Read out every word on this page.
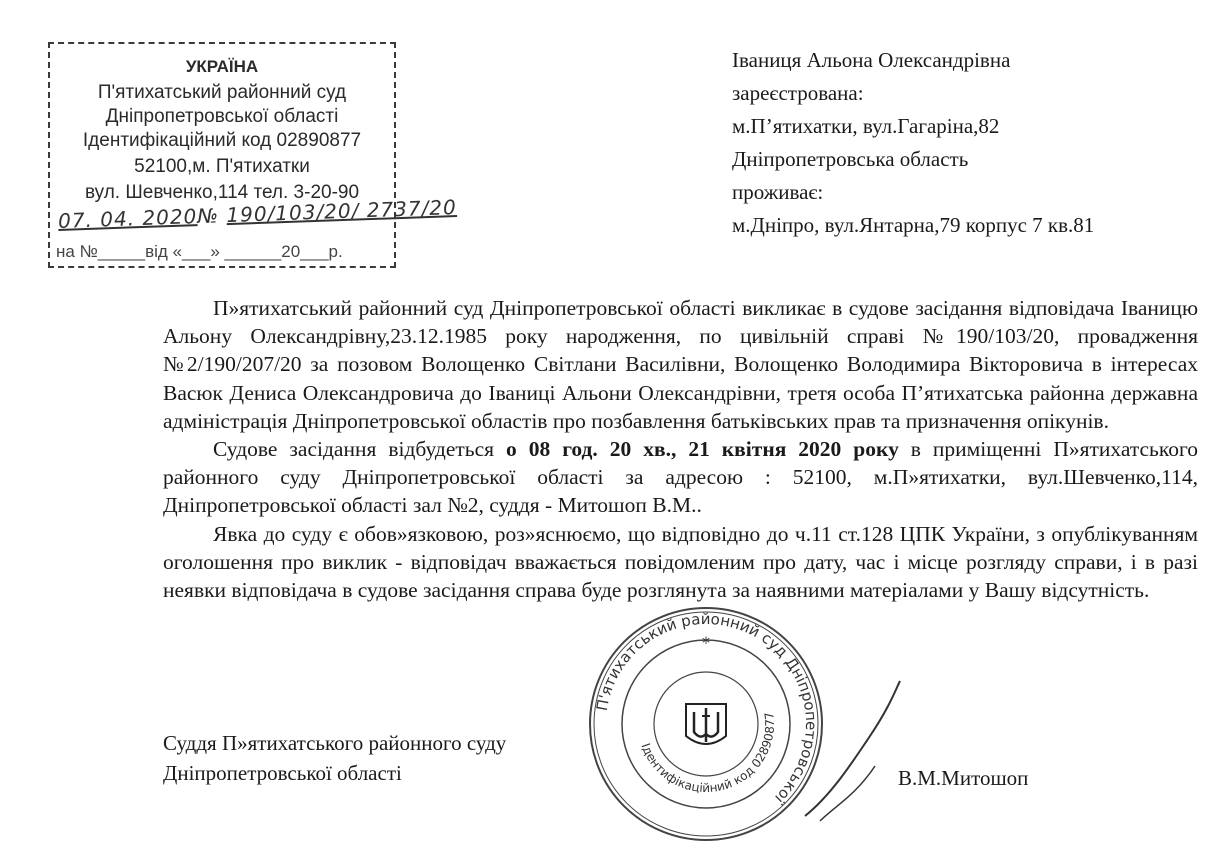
УКРАЇНА
П'ятихатський районний суд
Дніпропетровської області
Ідентифікаційний код 02890877
52100,м. П'ятихатки
вул. Шевченко,114 тел. 3-20-90
07. 04. 2020№ 190/103/20/ 2737/20
на №_____від «___» ______20___р.
Іваниця Альона Олександрівна
зареєстрована:
м.П’ятихатки, вул.Гагаріна,82
Дніпропетровська область
проживає:
м.Дніпро, вул.Янтарна,79 корпус 7 кв.81

П»ятихатський районний суд Дніпропетровської області викликає в судове засідання відповідача Іваницю Альону Олександрівну,23.12.1985 року народження, по цивільній справі №190/103/20, провадження №2/190/207/20 за позовом Волощенко Світлани Василівни, Волощенко Володимира Вікторовича в інтересах Васюк Дениса Олександровича до Іваниці Альони Олександрівни, третя особа П’ятихатська районна державна адміністрація Дніпропетровської областів про позбавлення батьківських прав та призначення опікунів.

Судове засідання відбудеться о 08 год. 20 хв., 21 квітня 2020 року в приміщенні П»ятихатського районного суду Дніпропетровської області за адресою : 52100, м.П»ятихатки, вул.Шевченко,114, Дніпропетровської області зал №2, суддя - Митошоп В.М..

Явка до суду є обов»язковою, роз»яснюємо, що відповідно до ч.11 ст.128 ЦПК України, з опублікуванням оголошення про виклик - відповідач вважається повідомленим про дату, час і місце розгляду справи, і в разі неявки відповідача в судове засідання справа буде розглянута за наявними матеріалами у Вашу відсутність.

Суддя П»ятихатського районного суду
Дніпропетровської області	В.М.Митошоп
П'ятихатський районний суд Дніпропетровської
Ідентифікаційний код 02890877
*
